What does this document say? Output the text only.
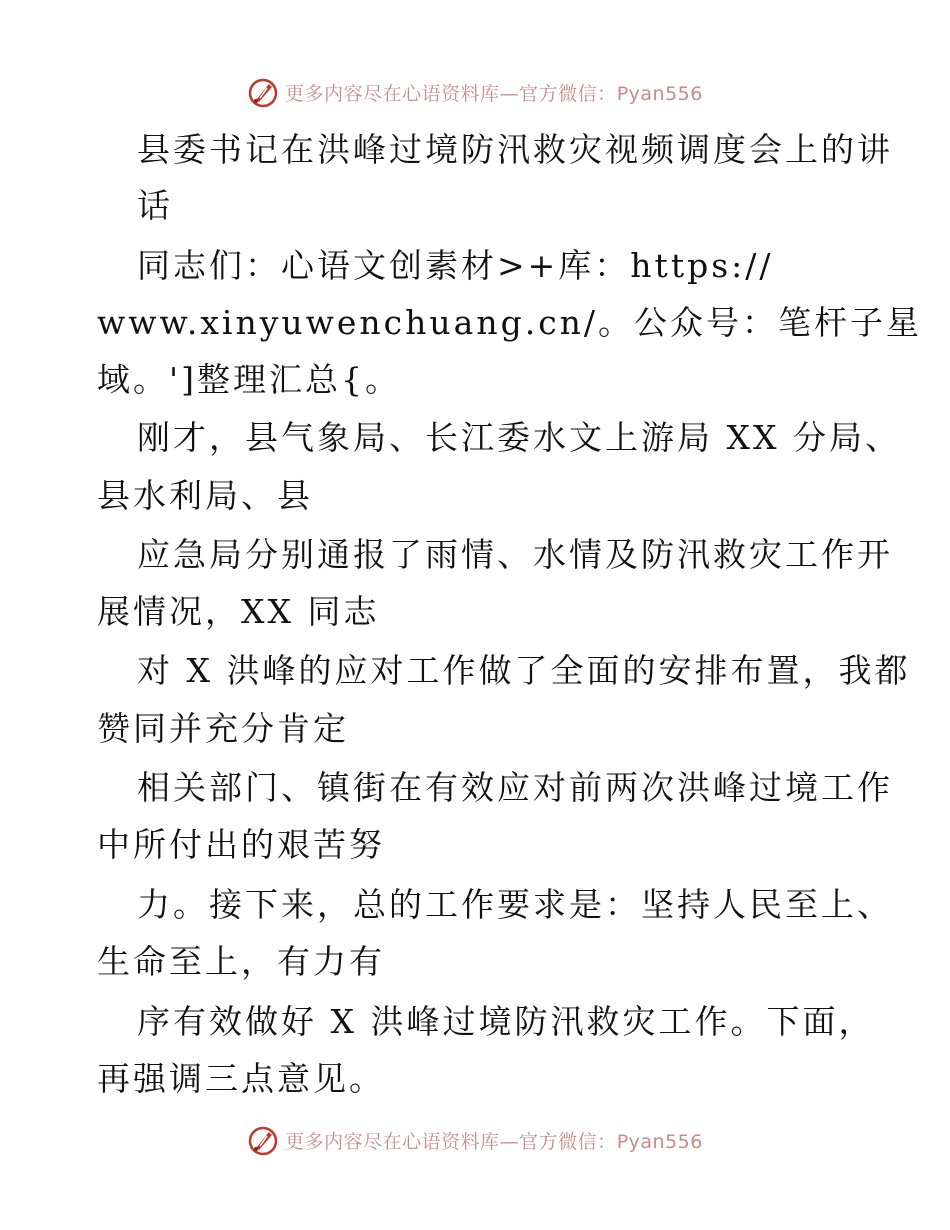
更多内容尽在心语资料库—官方微信：Pyan556
县委书记在洪峰过境防汛救灾视频调度会上的讲
话
同志们：心语文创素材>+库：https://
www.xinyuwenchuang.cn/。公众号：笔杆子星
域。']整理汇总{。
刚才，县气象局、长江委水文上游局 XX 分局、
县水利局、县
应急局分别通报了雨情、水情及防汛救灾工作开
展情况，XX 同志
对 X 洪峰的应对工作做了全面的安排布置，我都
赞同并充分肯定
相关部门、镇街在有效应对前两次洪峰过境工作
中所付出的艰苦努
力。接下来，总的工作要求是：坚持人民至上、
生命至上，有力有
序有效做好 X 洪峰过境防汛救灾工作。下面，
再强调三点意见。
更多内容尽在心语资料库—官方微信：Pyan556
